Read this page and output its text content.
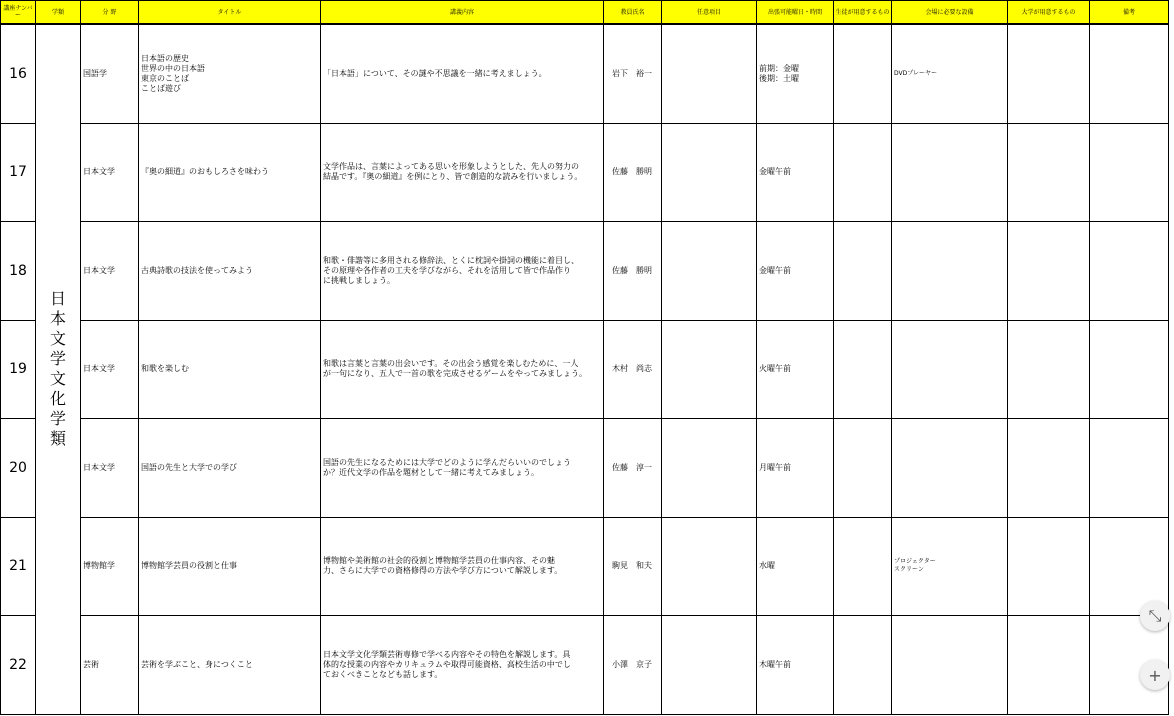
講座ナンバー	学類	分 野	タイトル	講義内容	教員氏名	任意項目	出張可能曜日・時間	生徒が用意するもの	会場に必要な設備	大学が用意するもの	備考
16	日本文学文化学類	国語学	日本語の歴史
世界の中の日本語
東京のことば
ことば遊び	「日本語」について、その謎や不思議を一緒に考えましょう。	岩下　裕一		前期：金曜
後期：土曜		DVDプレーヤー		

17		日本文学	『奥の細道』のおもしろさを味わう	文学作品は、言葉によってある思いを形象しようとした、先人の努力の
結晶です。『奥の細道』を例にとり、皆で創造的な読みを行いましょう。	佐藤　勝明		金曜午前				

18		日本文学	古典詩歌の技法を使ってみよう	和歌・俳諧等に多用される修辞法、とくに枕詞や掛詞の機能に着目し、
その原理や各作者の工夫を学びながら、それを活用して皆で作品作り
に挑戦しましょう。	佐藤　勝明		金曜午前				

19		日本文学	和歌を楽しむ	和歌は言葉と言葉の出会いです。その出会う感覚を楽しむために、一人
が一句になり、五人で一首の歌を完成させるゲームをやってみましょう。	木村　尚志		火曜午前				

20		日本文学	国語の先生と大学での学び	国語の先生になるためには大学でどのように学んだらいいのでしょう
か？近代文学の作品を題材として一緒に考えてみましょう。	佐藤　淳一		月曜午前				

21		博物館学	博物館学芸員の役割と仕事	博物館や美術館の社会的役割と博物館学芸員の仕事内容、その魅
力、さらに大学での資格修得の方法や学び方について解説します。	駒見　和夫		水曜		プロジェクター
スクリーン		

22		芸術	芸術を学ぶこと、身につくこと	日本文学文化学類芸術専修で学べる内容やその特色を解説します。具
体的な授業の内容やカリキュラムや取得可能資格、高校生活の中でし
ておくべきことなども話します。	小澤　京子		木曜午前				

⤡
+
